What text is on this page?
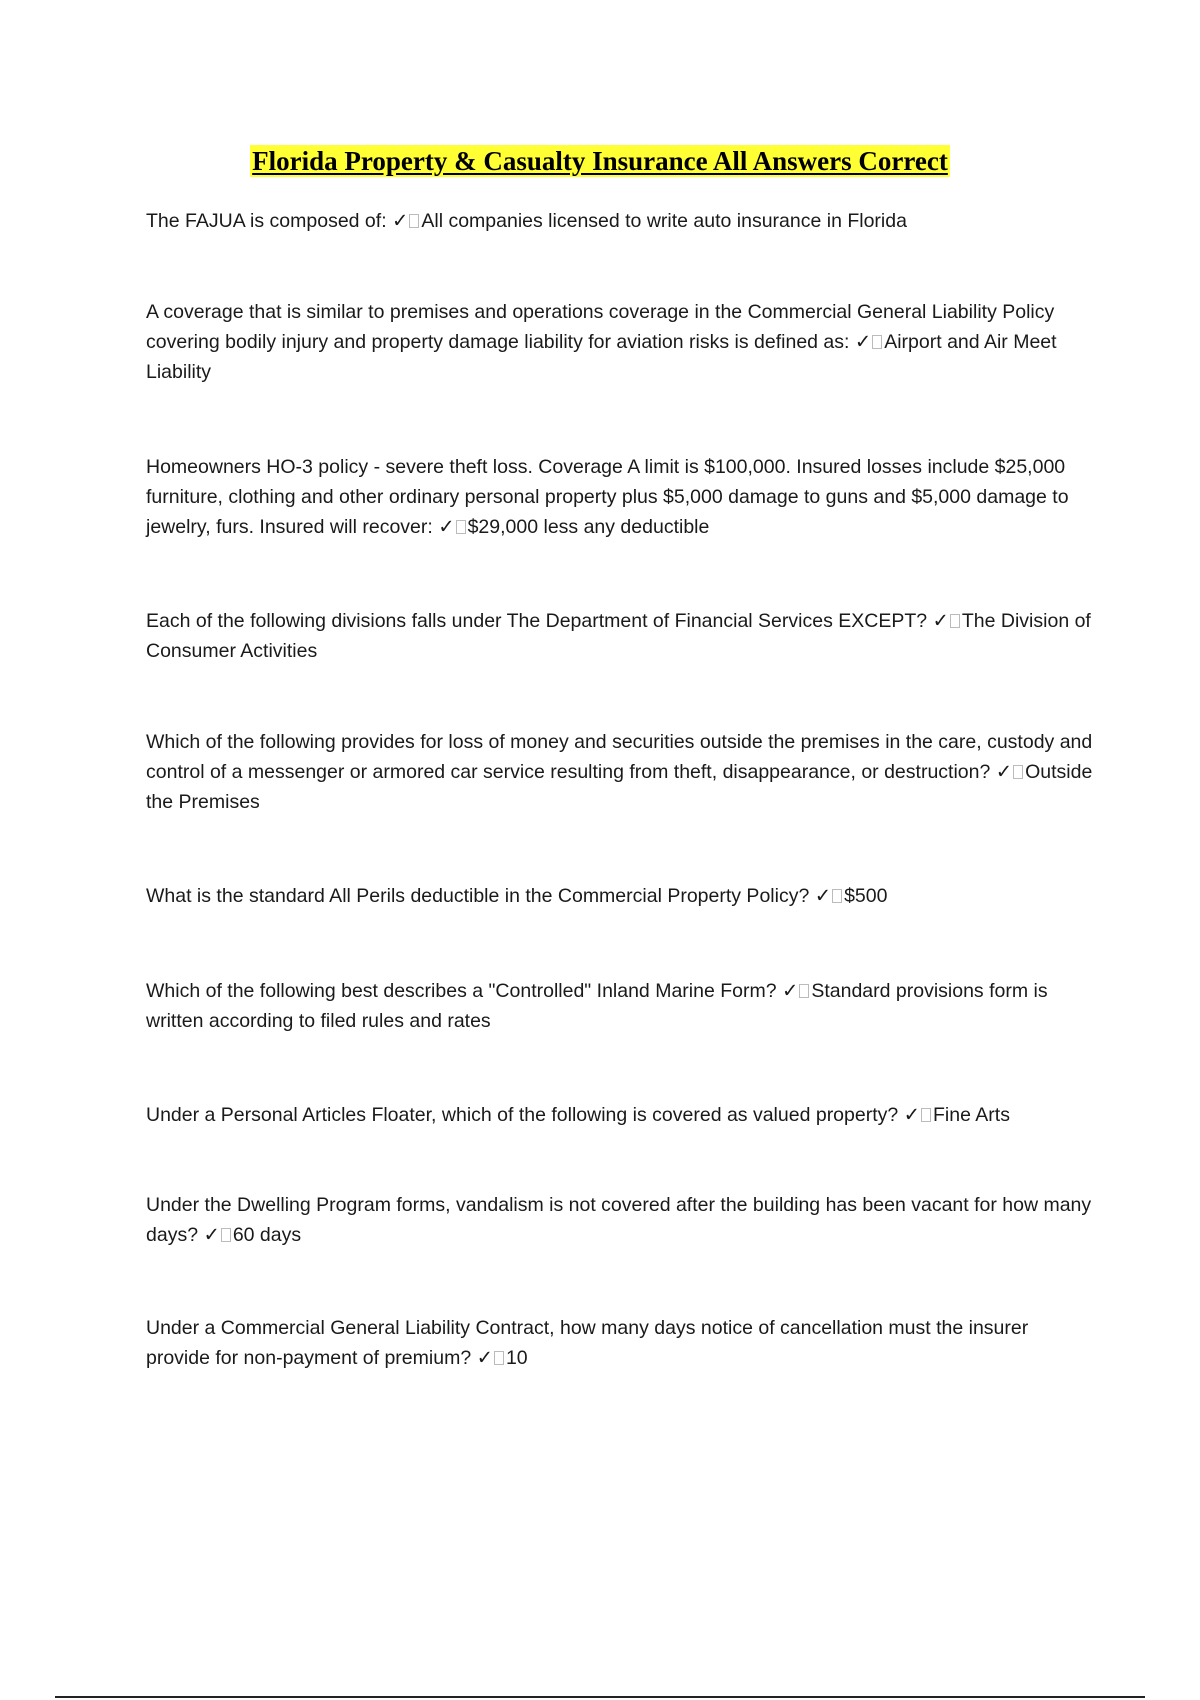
Florida Property & Casualty Insurance All Answers Correct

The FAJUA is composed of: ✓ All companies licensed to write auto insurance in Florida

A coverage that is similar to premises and operations coverage in the Commercial General Liability Policy covering bodily injury and property damage liability for aviation risks is defined as: ✓ Airport and Air Meet Liability

Homeowners HO-3 policy - severe theft loss. Coverage A limit is $100,000. Insured losses include $25,000 furniture, clothing and other ordinary personal property plus $5,000 damage to guns and $5,000 damage to jewelry, furs. Insured will recover: ✓ $29,000 less any deductible

Each of the following divisions falls under The Department of Financial Services EXCEPT? ✓ The Division of Consumer Activities

Which of the following provides for loss of money and securities outside the premises in the care, custody and control of a messenger or armored car service resulting from theft, disappearance, or destruction? ✓ Outside the Premises

What is the standard All Perils deductible in the Commercial Property Policy? ✓ $500

Which of the following best describes a "Controlled" Inland Marine Form? ✓ Standard provisions form is written according to filed rules and rates

Under a Personal Articles Floater, which of the following is covered as valued property? ✓ Fine Arts

Under the Dwelling Program forms, vandalism is not covered after the building has been vacant for how many days? ✓ 60 days

Under a Commercial General Liability Contract, how many days notice of cancellation must the insurer provide for non-payment of premium? ✓ 10
